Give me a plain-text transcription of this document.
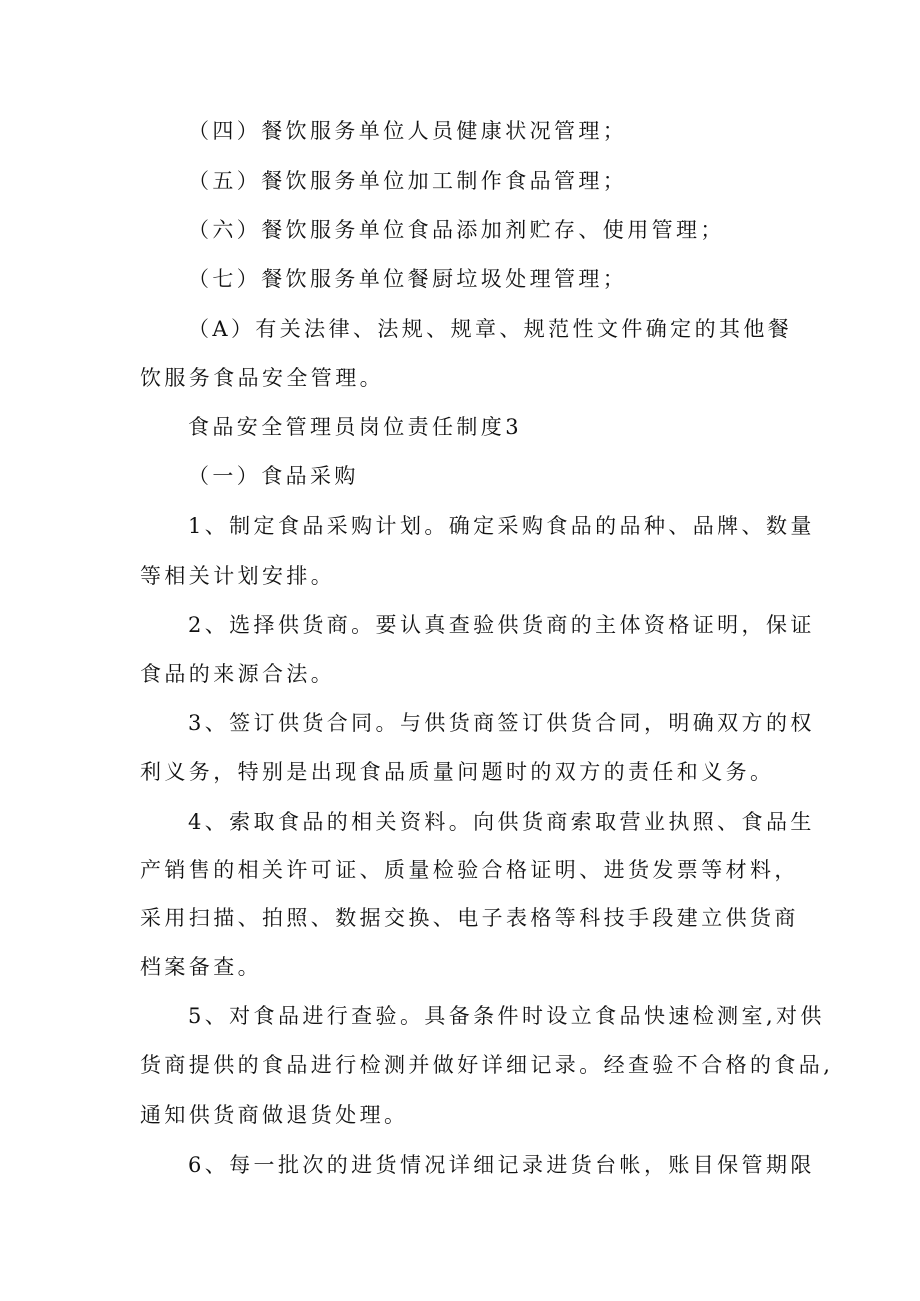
（四）餐饮服务单位人员健康状况管理；
（五）餐饮服务单位加工制作食品管理；
（六）餐饮服务单位食品添加剂贮存、使用管理；
（七）餐饮服务单位餐厨垃圾处理管理；
（A）有关法律、法规、规章、规范性文件确定的其他餐
饮服务食品安全管理。
食品安全管理员岗位责任制度3
（一）食品采购
1、制定食品采购计划。确定采购食品的品种、品牌、数量
等相关计划安排。
2、选择供货商。要认真查验供货商的主体资格证明，保证
食品的来源合法。
3、签订供货合同。与供货商签订供货合同，明确双方的权
利义务，特别是出现食品质量问题时的双方的责任和义务。
4、索取食品的相关资料。向供货商索取营业执照、食品生
产销售的相关许可证、质量检验合格证明、进货发票等材料，
采用扫描、拍照、数据交换、电子表格等科技手段建立供货商
档案备查。
5、对食品进行查验。具备条件时设立食品快速检测室,对供
货商提供的食品进行检测并做好详细记录。经查验不合格的食品,
通知供货商做退货处理。
6、每一批次的进货情况详细记录进货台帐，账目保管期限
